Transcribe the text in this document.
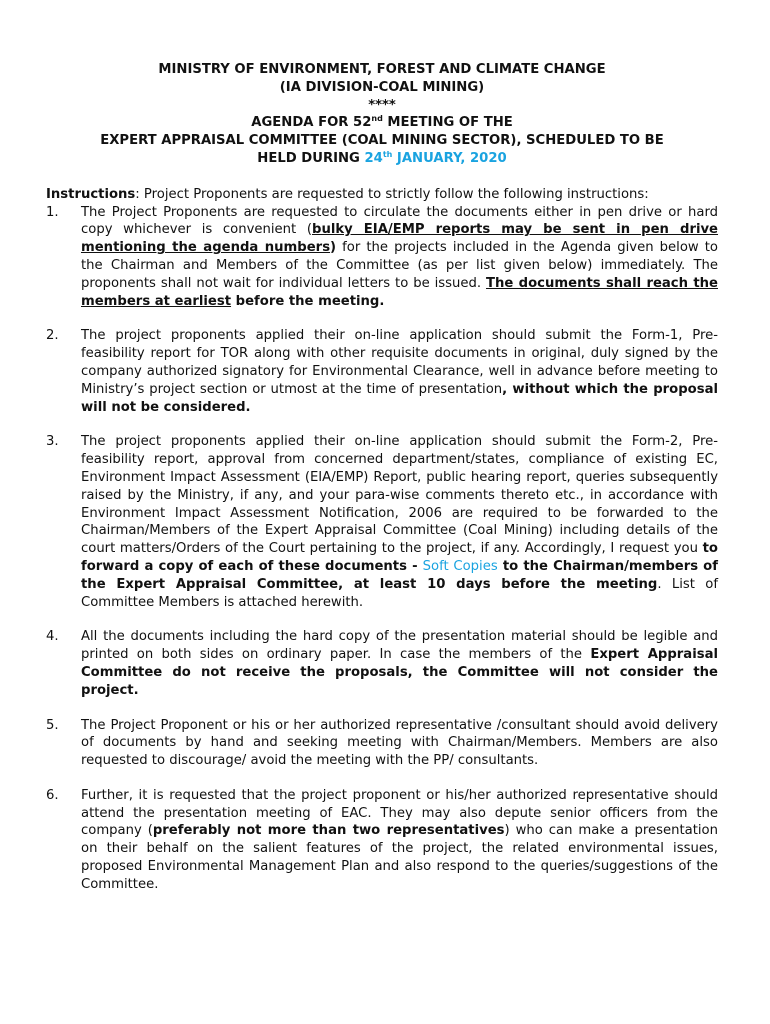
MINISTRY OF ENVIRONMENT, FOREST AND CLIMATE CHANGE
(IA DIVISION-COAL MINING)
****
AGENDA FOR 52nd MEETING OF THE
EXPERT APPRAISAL COMMITTEE (COAL MINING SECTOR), SCHEDULED TO BE
HELD DURING 24th JANUARY, 2020
Instructions: Project Proponents are requested to strictly follow the following instructions:
1.	The Project Proponents are requested to circulate the documents either in pen drive or hard copy whichever is convenient (bulky EIA/EMP reports may be sent in pen drive mentioning the agenda numbers) for the projects included in the Agenda given below to the Chairman and Members of the Committee (as per list given below) immediately. The proponents shall not wait for individual letters to be issued. The documents shall reach the members at earliest before the meeting.
2.	The project proponents applied their on-line application should submit the Form-1, Pre-feasibility report for TOR along with other requisite documents in original, duly signed by the company authorized signatory for Environmental Clearance, well in advance before meeting to Ministry’s project section or utmost at the time of presentation, without which the proposal will not be considered.
3.	The project proponents applied their on-line application should submit the Form-2, Pre-feasibility report, approval from concerned department/states, compliance of existing EC, Environment Impact Assessment (EIA/EMP) Report, public hearing report, queries subsequently raised by the Ministry, if any, and your para-wise comments thereto etc., in accordance with Environment Impact Assessment Notification, 2006 are required to be forwarded to the Chairman/Members of the Expert Appraisal Committee (Coal Mining) including details of the court matters/Orders of the Court pertaining to the project, if any. Accordingly, I request you to forward a copy of each of these documents - Soft Copies to the Chairman/members of the Expert Appraisal Committee, at least 10 days before the meeting. List of Committee Members is attached herewith.
4.	All the documents including the hard copy of the presentation material should be legible and printed on both sides on ordinary paper. In case the members of the Expert Appraisal Committee do not receive the proposals, the Committee will not consider the project.
5.	The Project Proponent or his or her authorized representative /consultant should avoid delivery of documents by hand and seeking meeting with Chairman/Members. Members are also requested to discourage/ avoid the meeting with the PP/ consultants.
6.	Further, it is requested that the project proponent or his/her authorized representative should attend the presentation meeting of EAC. They may also depute senior officers from the company (preferably not more than two representatives) who can make a presentation on their behalf on the salient features of the project, the related environmental issues, proposed Environmental Management Plan and also respond to the queries/suggestions of the Committee.
